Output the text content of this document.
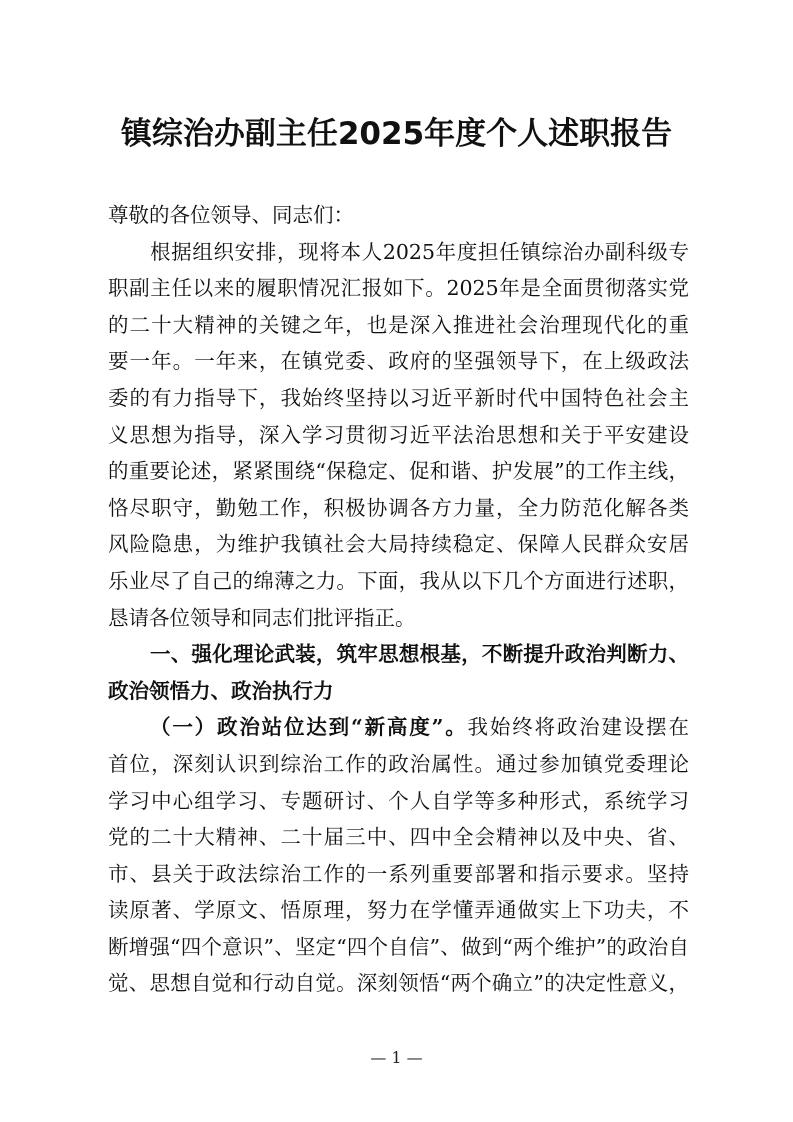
镇综治办副主任2025年度个人述职报告
尊敬的各位领导、同志们：
根据组织安排，现将本人2025年度担任镇综治办副科级专
职副主任以来的履职情况汇报如下。2025年是全面贯彻落实党
的二十大精神的关键之年，也是深入推进社会治理现代化的重
要一年。一年来，在镇党委、政府的坚强领导下，在上级政法
委的有力指导下，我始终坚持以习近平新时代中国特色社会主
义思想为指导，深入学习贯彻习近平法治思想和关于平安建设
的重要论述，紧紧围绕“保稳定、促和谐、护发展”的工作主线，
恪尽职守，勤勉工作，积极协调各方力量，全力防范化解各类
风险隐患，为维护我镇社会大局持续稳定、保障人民群众安居
乐业尽了自己的绵薄之力。下面，我从以下几个方面进行述职，
恳请各位领导和同志们批评指正。
一、强化理论武装，筑牢思想根基，不断提升政治判断力、
政治领悟力、政治执行力
（一）政治站位达到“新高度”。我始终将政治建设摆在
首位，深刻认识到综治工作的政治属性。通过参加镇党委理论
学习中心组学习、专题研讨、个人自学等多种形式，系统学习
党的二十大精神、二十届三中、四中全会精神以及中央、省、
市、县关于政法综治工作的一系列重要部署和指示要求。坚持
读原著、学原文、悟原理，努力在学懂弄通做实上下功夫，不
断增强“四个意识”、坚定“四个自信”、做到“两个维护”的政治自
觉、思想自觉和行动自觉。深刻领悟“两个确立”的决定性意义，
— 1 —
